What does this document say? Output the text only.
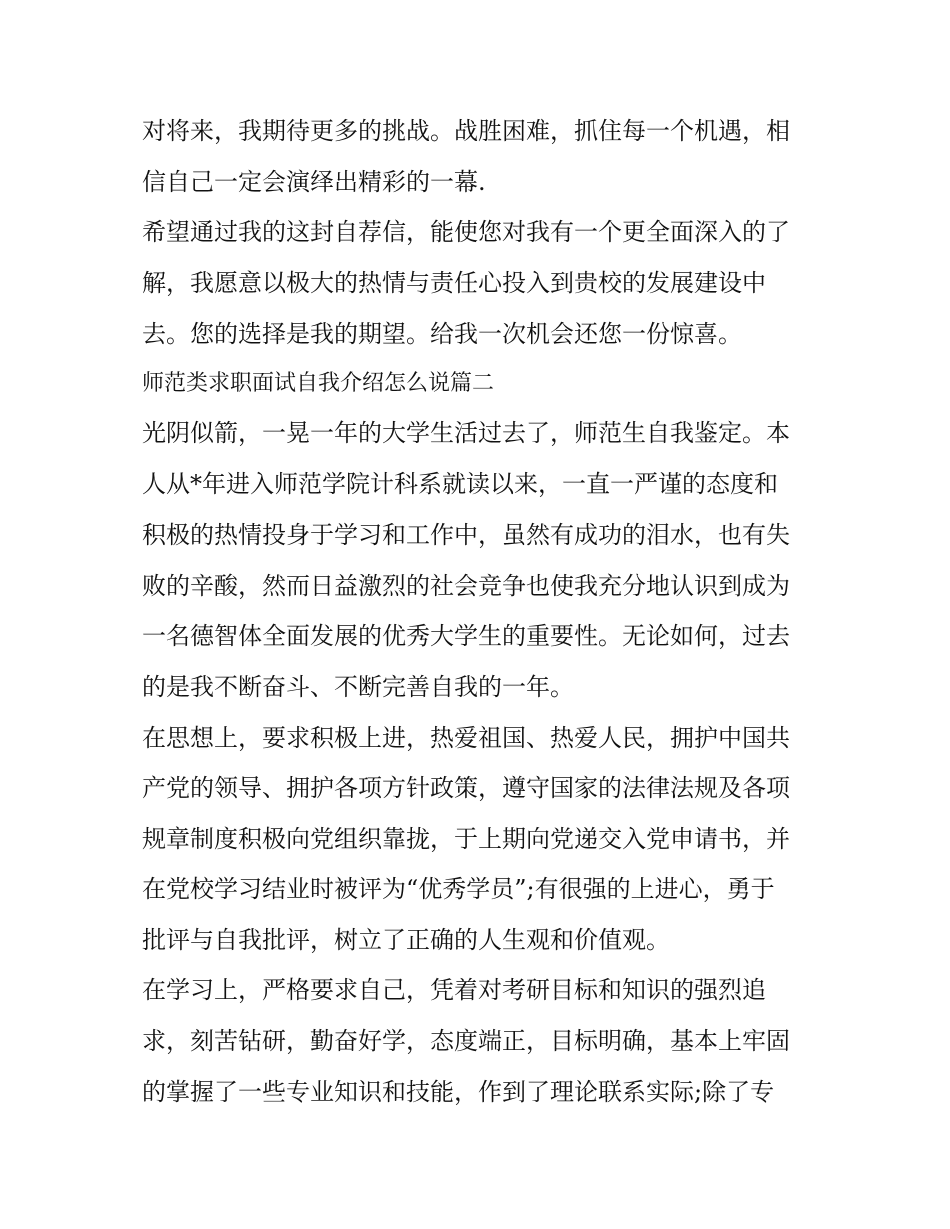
对将来，我期待更多的挑战。战胜困难，抓住每一个机遇，相
信自己一定会演绎出精彩的一幕.
希望通过我的这封自荐信，能使您对我有一个更全面深入的了
解，我愿意以极大的热情与责任心投入到贵校的发展建设中
去。您的选择是我的期望。给我一次机会还您一份惊喜。
师范类求职面试自我介绍怎么说篇二
光阴似箭，一晃一年的大学生活过去了，师范生自我鉴定。本
人从*年进入师范学院计科系就读以来，一直一严谨的态度和
积极的热情投身于学习和工作中，虽然有成功的泪水，也有失
败的辛酸，然而日益激烈的社会竞争也使我充分地认识到成为
一名德智体全面发展的优秀大学生的重要性。无论如何，过去
的是我不断奋斗、不断完善自我的一年。
在思想上，要求积极上进，热爱祖国、热爱人民，拥护中国共
产党的领导、拥护各项方针政策，遵守国家的法律法规及各项
规章制度积极向党组织靠拢，于上期向党递交入党申请书，并
在党校学习结业时被评为“优秀学员”;有很强的上进心，勇于
批评与自我批评，树立了正确的人生观和价值观。
在学习上，严格要求自己，凭着对考研目标和知识的强烈追
求，刻苦钻研，勤奋好学，态度端正，目标明确，基本上牢固
的掌握了一些专业知识和技能，作到了理论联系实际;除了专
